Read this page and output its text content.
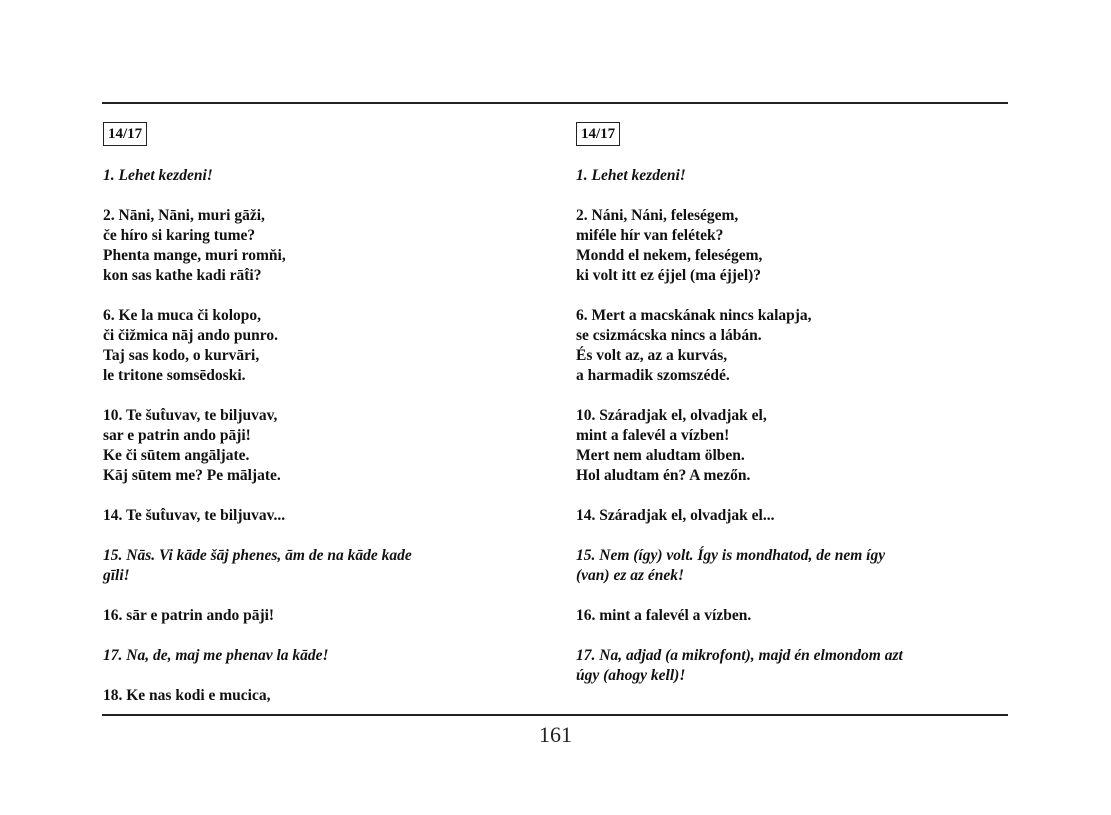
14/17
1. Lehet kezdeni!
2. Nāni, Nāni, muri gāži,
če híro si karing tume?
Phenta mange, muri romňi,
kon sas kathe kadi rāt̂i?
6. Ke la muca či kolopo,
či čižmica nāj ando punro.
Taj sas kodo, o kurvāri,
le tritone somsēdoski.
10. Te šut̂uvav, te biljuvav,
sar e patrin ando pāji!
Ke či sūtem angāljate.
Kāj sūtem me? Pe māljate.
14. Te šut̂uvav, te biljuvav...
15. Nās. Vi kāde šāj phenes, ām de na kāde kade
gīli!
16. sār e patrin ando pāji!
17. Na, de, maj me phenav la kāde!
18. Ke nas kodi e mucica,
14/17
1. Lehet kezdeni!
2. Náni, Náni, feleségem,
miféle hír van felétek?
Mondd el nekem, feleségem,
ki volt itt ez éjjel (ma éjjel)?
6. Mert a macskának nincs kalapja,
se csizmácska nincs a lábán.
És volt az, az a kurvás,
a harmadik szomszédé.
10. Száradjak el, olvadjak el,
mint a falevél a vízben!
Mert nem aludtam ölben.
Hol aludtam én? A mezőn.
14. Száradjak el, olvadjak el...
15. Nem (így) volt. Így is mondhatod, de nem így
(van) ez az ének!
16. mint a falevél a vízben.
17. Na, adjad (a mikrofont), majd én elmondom azt
úgy (ahogy kell)!
161
